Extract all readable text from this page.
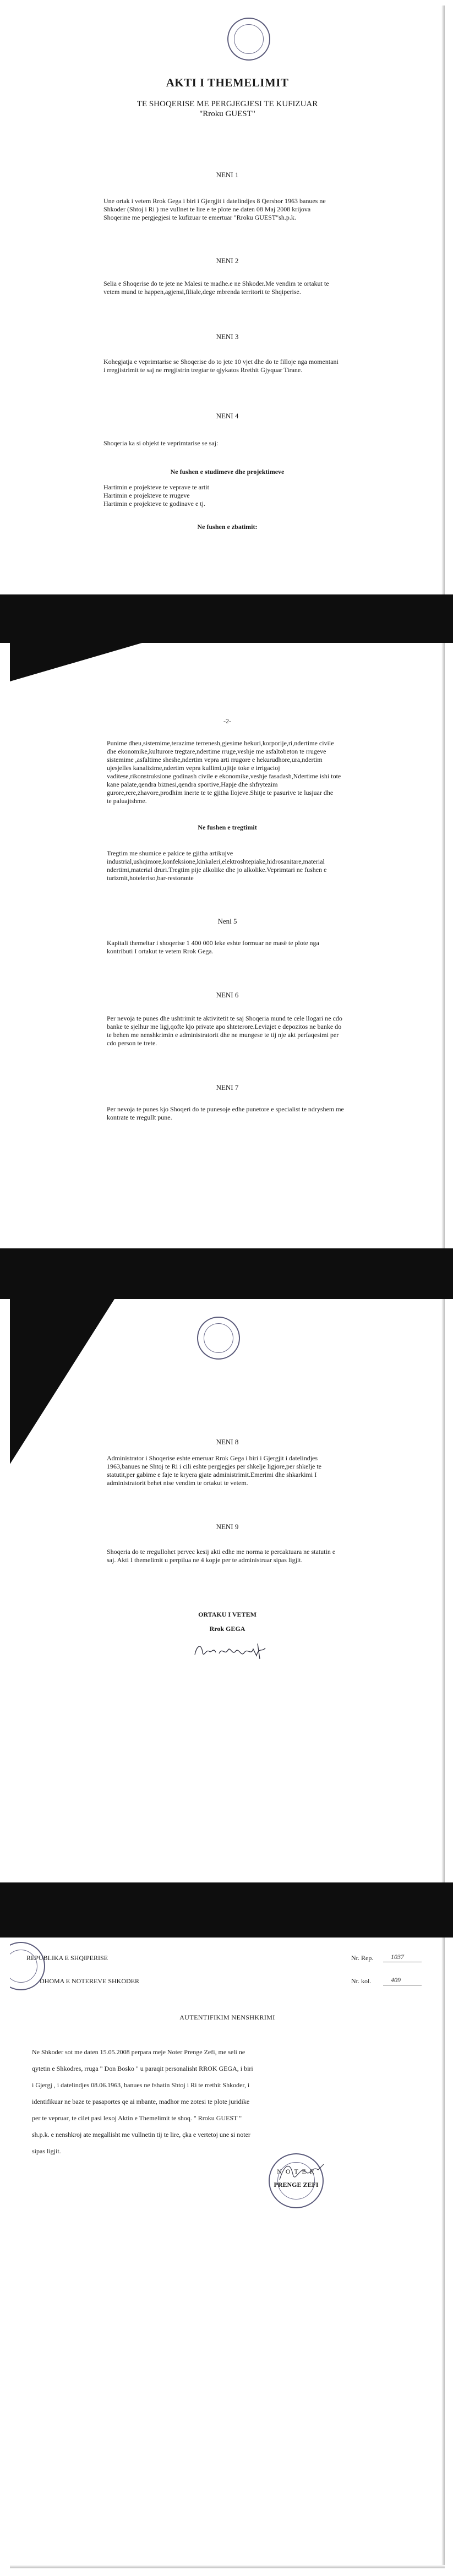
AKTI I THEMELIMIT
TE SHOQERISE ME PERGJEGJESI TE KUFIZUAR
"Rroku GUEST"
NENI 1
Une ortak i vetem Rrok Gega i biri i Gjergjit i datelindjes 8 Qershor 1963 banues ne
Shkoder (Shtoj i Ri ) me vullnet te lire e te plote ne daten 08 Maj 2008 krijova
Shoqerine me pergjegjesi te kufizuar te emertuar "Rroku GUEST"sh.p.k.
NENI 2
Selia e Shoqerise do te jete ne Malesi te madhe.e ne Shkoder.Me vendim te ortakut te
vetem mund te happen,agjensi,filiale,dege mbrenda territorit te Shqiperise.
NENI 3
Kohegjatja e veprimtarise se Shoqerise do to jete 10 vjet dhe do te filloje nga momentani
i rregjistrimit te saj ne rregjistrin tregtar te qjykatos Rrethit Gjyquar Tirane.
NENI 4
Shoqeria ka si objekt te veprimtarise se saj:
Ne fushen e studimeve dhe projektimeve
Hartimin e projekteve te veprave te artit
Hartimin e projekteve te rrugeve
Hartimin e projekteve te godinave e tj.
Ne fushen e zbatimit:
-2-
Punime dheu,sistemime,terazime terrenesh,gjesime hekuri,korporije,ri,ndertime civile
dhe ekonomike,kulturore tregtare,ndertime rruge,veshje me asfaltobeton te rrugeve
sistemime ,asfaltime sheshe,ndertim vepra arti rrugore e hekurudhore,ura,ndertim
ujesjelles kanalizime,ndertim vepra kullimi,ujitje toke e irrigacioj
vaditese,rikonstruksione godinash civile e ekonomike,veshje fasadash,Ndertime ishi tote
kane palate,qendra biznesi,qendra sportive,Hapje dhe shfrytezim
gurore,rere,zhavore,prodhim inerte te te gjitha llojeve.Shitje te pasurive te lusjuar dhe
te paluajtshme.
Ne fushen e tregtimit
Tregtim me shumice e pakice te gjitha artikujve
industrial,ushqimore,konfeksione,kinkaleri,elektroshtepiake,hidrosanitare,material
ndertimi,material druri.Tregtim pije alkolike dhe jo alkolike.Veprimtari ne fushen e
turizmit,hoteleriso,bar-restorante
Neni 5
Kapitali themeltar i shoqerise 1 400 000 leke eshte formuar ne masë te plote nga
kontributi I ortakut te vetem Rrok Gega.
NENI 6
Per nevoja te punes dhe ushtrimit te aktivitetit te saj Shoqeria mund te cele llogari ne cdo
banke te sjelhur me ligj,qofte kjo private apo shteterore.Levizjet e depozitos ne banke do
te behen me nenshkrimin e administratorit dhe ne mungese te tij nje akt perfaqesimi per
cdo person te trete.
NENI 7
Per nevoja te punes kjo Shoqeri do te punesoje edhe punetore e specialist te ndryshem me
kontrate te rregullt pune.
NENI 8
Administrator i Shoqerise eshte emeruar Rrok Gega i biri i Gjergjit i datelindjes
1963,banues ne Shtoj te Ri i cili eshte pergjegjes per shkelje ligjore,per shkelje te
statutit,per gabime e faje te kryera gjate administrimit.Emerimi dhe shkarkimi I
administratorit behet nise vendim te ortakut te vetem.
NENI 9
Shoqeria do te rregullohet pervec kesij akti edhe me norma te percaktuara ne statutin e
saj. Akti I themelimit u perpilua ne 4 kopje per te administruar sipas ligjit.
ORTAKU I VETEM
Rrok GEGA
REPUBLIKA E SHQIPERISE
DHOMA E NOTEREVE SHKODER
Nr. Rep.	1037
Nr. kol.	409
AUTENTIFIKIM NENSHKRIMI
Ne Shkoder sot me daten 15.05.2008 perpara meje Noter Prenge Zefi, me seli ne
qytetin e Shkodres, rruga " Don Bosko " u paraqit personalisht RROK GEGA, i biri
i Gjergj , i datelindjes 08.06.1963, banues ne fshatin Shtoj i Ri te rrethit Shkoder, i
identifikuar ne baze te pasaportes qe ai mbante, madhor me zotesi te plote juridike
per te vepruar, te cilet pasi lexoj Aktin e Themelimit te shoq. " Rroku GUEST "
sh.p.k. e nenshkroj ate megallisht me vullnetin tij te lire, çka e vertetoj une si noter
sipas ligjit.
N O T E R
PRENGE ZEFI
